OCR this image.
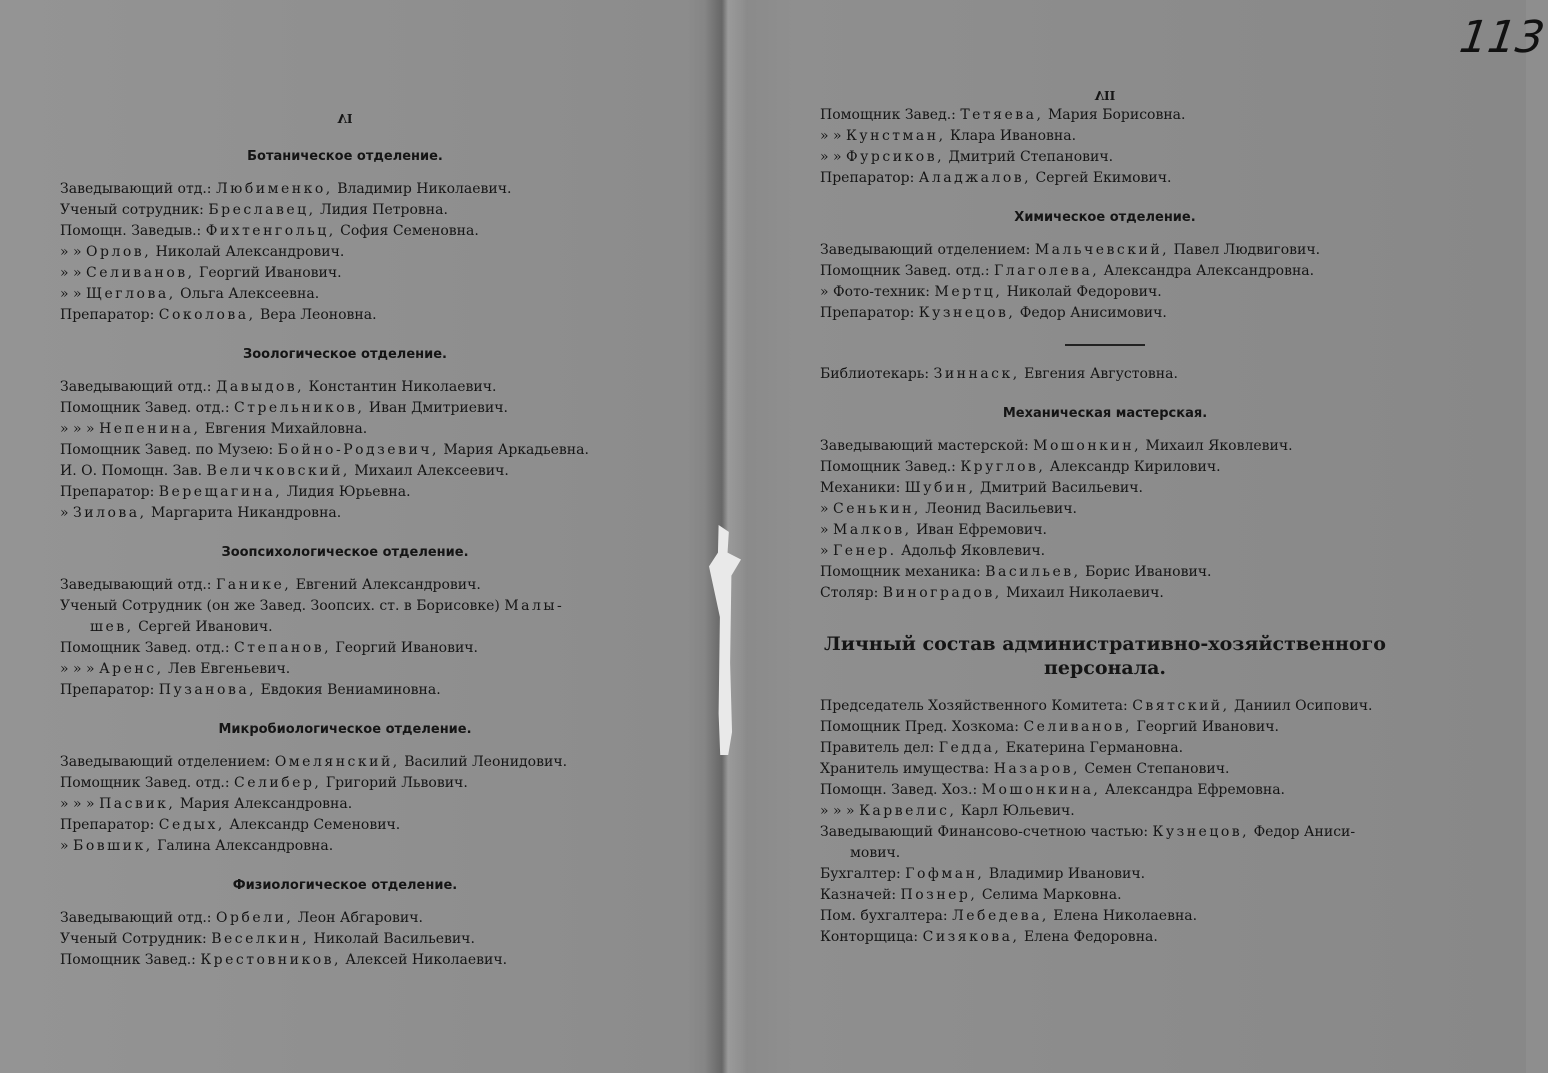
113
VI
Ботаническое отделение.
Заведывающий отд.: Любименко, Владимир Николаевич.
Ученый сотрудник: Бреславец, Лидия Петровна.
Помощн. Заведыв.: Фихтенгольц, София Семеновна.
» » Орлов, Николай Александрович.
» » Селиванов, Георгий Иванович.
» » Щеглова, Ольга Алексеевна.
Препаратор: Соколова, Вера Леоновна.
Зоологическое отделение.
Заведывающий отд.: Давыдов, Константин Николаевич.
Помощник Завед. отд.: Стрельников, Иван Дмитриевич.
» » » Непенина, Евгения Михайловна.
Помощник Завед. по Музею: Бойно-Родзевич, Мария Аркадьевна.
И. О. Помощн. Зав. Величковский, Михаил Алексеевич.
Препаратор: Верещагина, Лидия Юрьевна.
» Зилова, Маргарита Никандровна.
Зоопсихологическое отделение.
Заведывающий отд.: Ганике, Евгений Александрович.
Ученый Сотрудник (он же Завед. Зоопсих. ст. в Борисовке) Малы-
шев, Сергей Иванович.
Помощник Завед. отд.: Степанов, Георгий Иванович.
» » » Аренс, Лев Евгеньевич.
Препаратор: Пузанова, Евдокия Вениаминовна.
Микробиологическое отделение.
Заведывающий отделением: Омелянский, Василий Леонидович.
Помощник Завед. отд.: Селибер, Григорий Львович.
» » » Пасвик, Мария Александровна.
Препаратор: Седых, Александр Семенович.
» Бовшик, Галина Александровна.
Физиологическое отделение.
Заведывающий отд.: Орбели, Леон Абгарович.
Ученый Сотрудник: Веселкин, Николай Васильевич.
Помощник Завед.: Крестовников, Алексей Николаевич.
VII
Помощник Завед.: Тетяева, Мария Борисовна.
» » Кунстман, Клара Ивановна.
» » Фурсиков, Дмитрий Степанович.
Препаратор: Аладжалов, Сергей Екимович.
Химическое отделение.
Заведывающий отделением: Мальчевский, Павел Людвигович.
Помощник Завед. отд.: Глаголева, Александра Александровна.
» Фото-техник: Мертц, Николай Федорович.
Препаратор: Кузнецов, Федор Анисимович.
Библиотекарь: Зиннаск, Евгения Августовна.
Механическая мастерская.
Заведывающий мастерской: Мошонкин, Михаил Яковлевич.
Помощник Завед.: Круглов, Александр Кирилович.
Механики: Шубин, Дмитрий Васильевич.
» Сенькин, Леонид Васильевич.
» Малков, Иван Ефремович.
» Генер. Адольф Яковлевич.
Помощник механика: Васильев, Борис Иванович.
Столяр: Виноградов, Михаил Николаевич.
Личный состав административно-хозяйственного
персонала.
Председатель Хозяйственного Комитета: Святский, Даниил Осипович.
Помощник Пред. Хозкома: Селиванов, Георгий Иванович.
Правитель дел: Гедда, Екатерина Германовна.
Хранитель имущества: Назаров, Семен Степанович.
Помощн. Завед. Хоз.: Мошонкина, Александра Ефремовна.
» » » Карвелис, Карл Юльевич.
Заведывающий Финансово-счетною частью: Кузнецов, Федор Аниси-
мович.
Бухгалтер: Гофман, Владимир Иванович.
Казначей: Познер, Селима Марковна.
Пом. бухгалтера: Лебедева, Елена Николаевна.
Конторщица: Сизякова, Елена Федоровна.
